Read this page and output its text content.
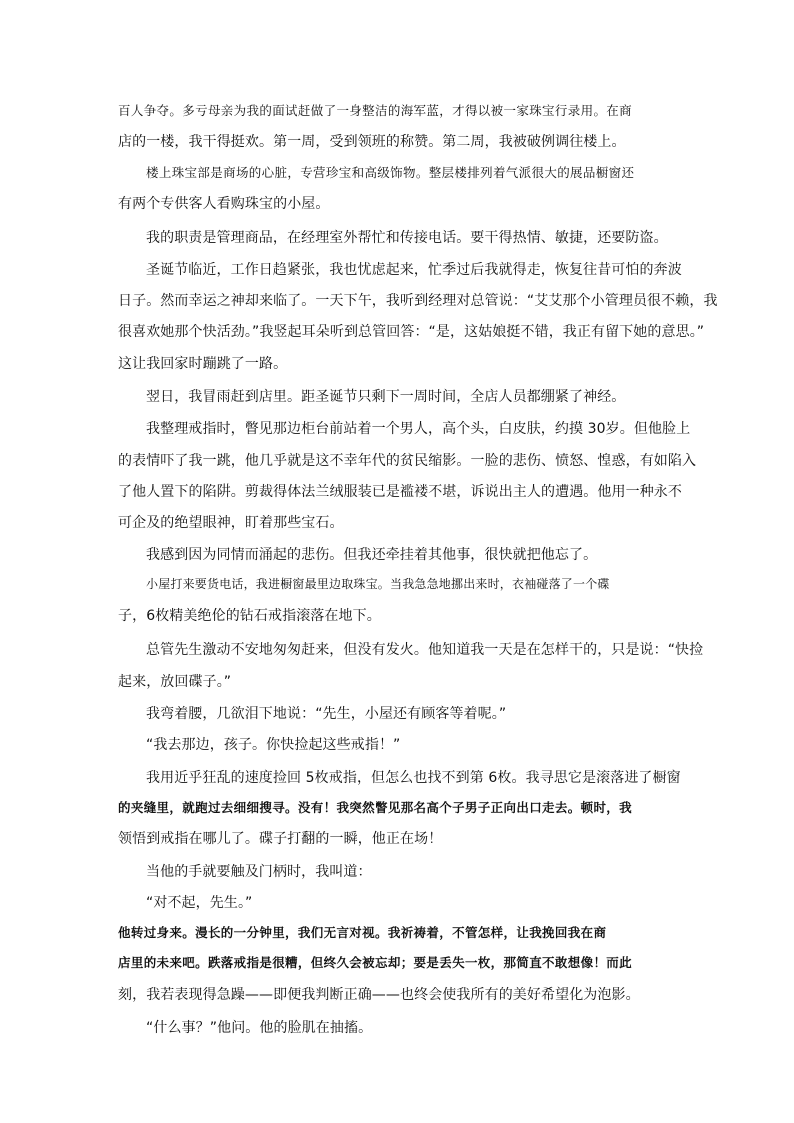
百人争夺。多亏母亲为我的面试赶做了一身整洁的海军蓝，才得以被一家珠宝行录用。在商
店的一楼，我干得挺欢。第一周，受到领班的称赞。第二周，我被破例调往楼上。
楼上珠宝部是商场的心脏，专营珍宝和高级饰物。整层楼排列着气派很大的展品橱窗还
有两个专供客人看购珠宝的小屋。
我的职责是管理商品，在经理室外帮忙和传接电话。要干得热情、敏捷，还要防盗。
圣诞节临近，工作日趋紧张，我也忧虑起来，忙季过后我就得走，恢复往昔可怕的奔波
日子。然而幸运之神却来临了。一天下午，我听到经理对总管说：“艾艾那个小管理员很不赖，我
很喜欢她那个快活劲。”我竖起耳朵听到总管回答：“是，这姑娘挺不错，我正有留下她的意思。”
这让我回家时蹦跳了一路。
翌日，我冒雨赶到店里。距圣诞节只剩下一周时间，全店人员都绷紧了神经。
我整理戒指时，瞥见那边柜台前站着一个男人，高个头，白皮肤，约摸 30岁。但他脸上
的表情吓了我一跳，他几乎就是这不幸年代的贫民缩影。一脸的悲伤、愤怒、惶惑，有如陷入
了他人置下的陷阱。剪裁得体法兰绒服装已是褴褛不堪，诉说出主人的遭遇。他用一种永不
可企及的绝望眼神，盯着那些宝石。
我感到因为同情而涌起的悲伤。但我还牵挂着其他事，很快就把他忘了。
小屋打来要货电话，我进橱窗最里边取珠宝。当我急急地挪出来时，衣袖碰落了一个碟
子，6枚精美绝伦的钻石戒指滚落在地下。
总管先生激动不安地匆匆赶来，但没有发火。他知道我一天是在怎样干的，只是说：“快捡
起来，放回碟子。”
我弯着腰，几欲泪下地说：“先生，小屋还有顾客等着呢。”
“我去那边，孩子。你快捡起这些戒指！”
我用近乎狂乱的速度捡回 5枚戒指，但怎么也找不到第 6枚。我寻思它是滚落进了橱窗
的夹缝里，就跑过去细细搜寻。没有！我突然瞥见那名高个子男子正向出口走去。顿时，我
领悟到戒指在哪儿了。碟子打翻的一瞬，他正在场！
当他的手就要触及门柄时，我叫道：
“对不起，先生。”
他转过身来。漫长的一分钟里，我们无言对视。我祈祷着，不管怎样，让我挽回我在商
店里的未来吧。跌落戒指是很糟，但终久会被忘却；要是丢失一枚，那简直不敢想像！而此
刻，我若表现得急躁——即便我判断正确——也终会使我所有的美好希望化为泡影。
“什么事？”他问。他的脸肌在抽搐。
